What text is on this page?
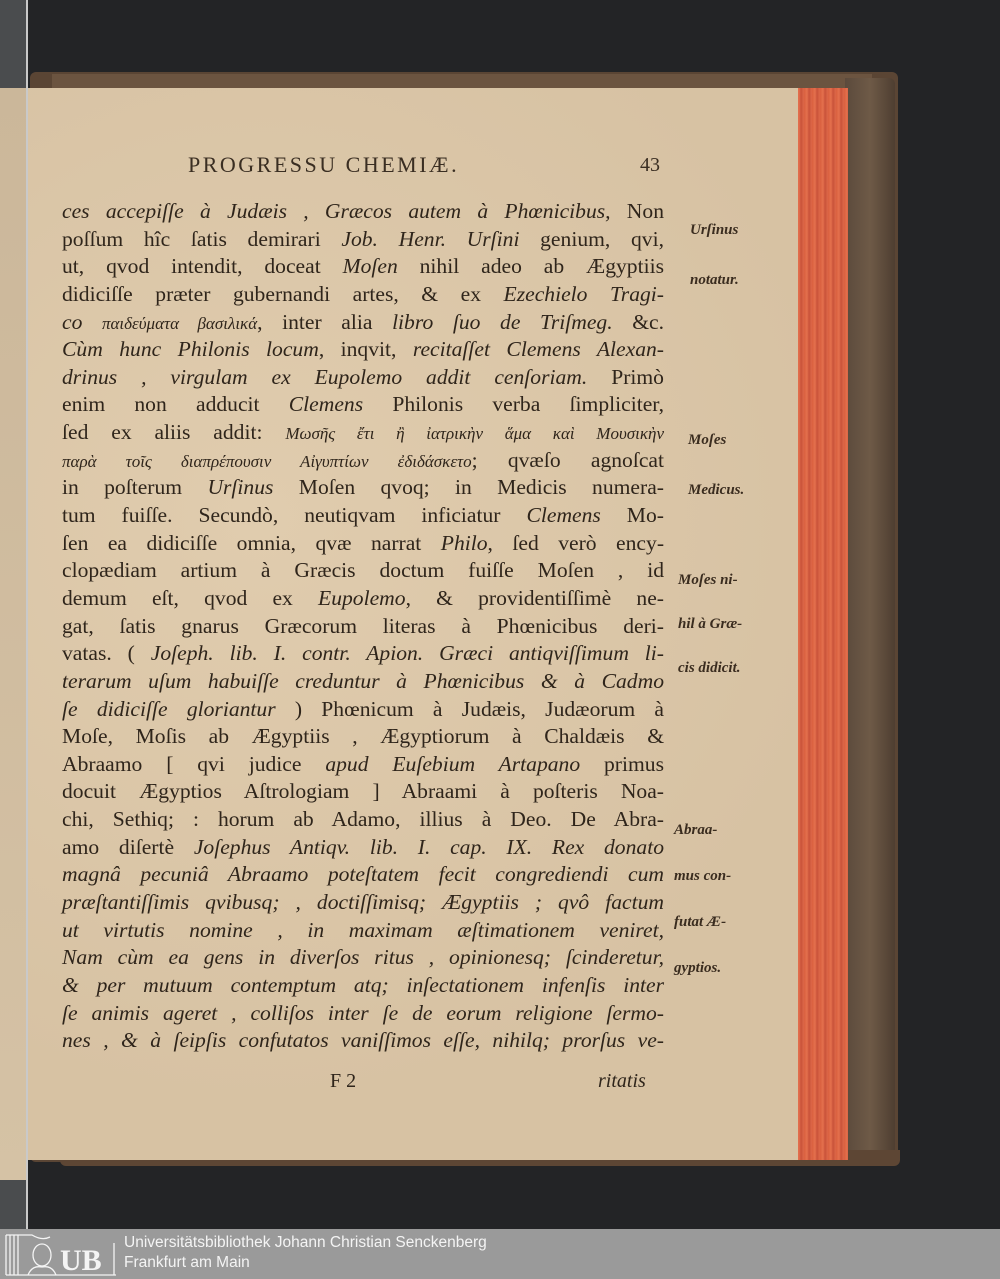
PROGRESSU CHEMIÆ.	43
ces accepiſſe à Judæis , Græcos autem à Phœnicibus, Non
poſſum hîc ſatis demirari Job. Henr. Urſini genium, qvi,
ut, qvod intendit, doceat Moſen nihil adeo ab Ægyptiis
didiciſſe præter gubernandi artes, & ex Ezechielo Tragi-
co παιδεύματα βασιλικά, inter alia libro ſuo de Triſmeg. &c.
Cùm hunc Philonis locum, inqvit, recitaſſet Clemens Alexan-
drinus , virgulam ex Eupolemo addit cenſoriam. Primò
enim non adducit Clemens Philonis verba ſimpliciter,
ſed ex aliis addit: Μωσῆς ἔτι ἢ ἰατρικὴν ἅμα καὶ Μουσικὴν
παρὰ τοῖς διαπρέπουσιν Αἰγυπτίων ἐδιδάσκετο; qvæſo agnoſcat
in poſterum Urſinus Moſen qvoq; in Medicis numera-
tum fuiſſe. Secundò, neutiqvam inficiatur Clemens Mo-
ſen ea didiciſſe omnia, qvæ narrat Philo, ſed verò ency-
clopædiam artium à Græcis doctum fuiſſe Moſen , id
demum eſt, qvod ex Eupolemo, & providentiſſimè ne-
gat, ſatis gnarus Græcorum literas à Phœnicibus deri-
vatas. ( Joſeph. lib. I. contr. Apion. Græci antiqviſſimum li-
terarum uſum habuiſſe creduntur à Phœnicibus & à Cadmo
ſe didiciſſe gloriantur ) Phœnicum à Judæis, Judæorum à
Moſe, Moſis ab Ægyptiis , Ægyptiorum à Chaldæis &
Abraamo [ qvi judice apud Euſebium Artapano primus
docuit Ægyptios Aſtrologiam ] Abraami à poſteris Noa-
chi, Sethiq; : horum ab Adamo, illius à Deo. De Abra-
amo diſertè Joſephus Antiqv. lib. I. cap. IX. Rex donato
magnâ pecuniâ Abraamo poteſtatem fecit congrediendi cum
præſtantiſſimis qvibusq; , doctiſſimisq; Ægyptiis ; qvô factum
ut virtutis nomine , in maximam æſtimationem veniret,
Nam cùm ea gens in diverſos ritus , opinionesq; ſcinderetur,
& per mutuum contemptum atq; inſectationem infenſis inter
ſe animis ageret , colliſos inter ſe de eorum religione ſermo-
nes , & à ſeipſis confutatos vaniſſimos eſſe, nihilq; prorſus ve-
Urſinus
notatur.
Moſes
Medicus.
Moſes ni-
hil à Græ-
cis didicit.
Abraa-
mus con-
futat Æ-
gyptios.
F 2	ritatis
UB
Universitätsbibliothek Johann Christian Senckenberg
Frankfurt am Main
